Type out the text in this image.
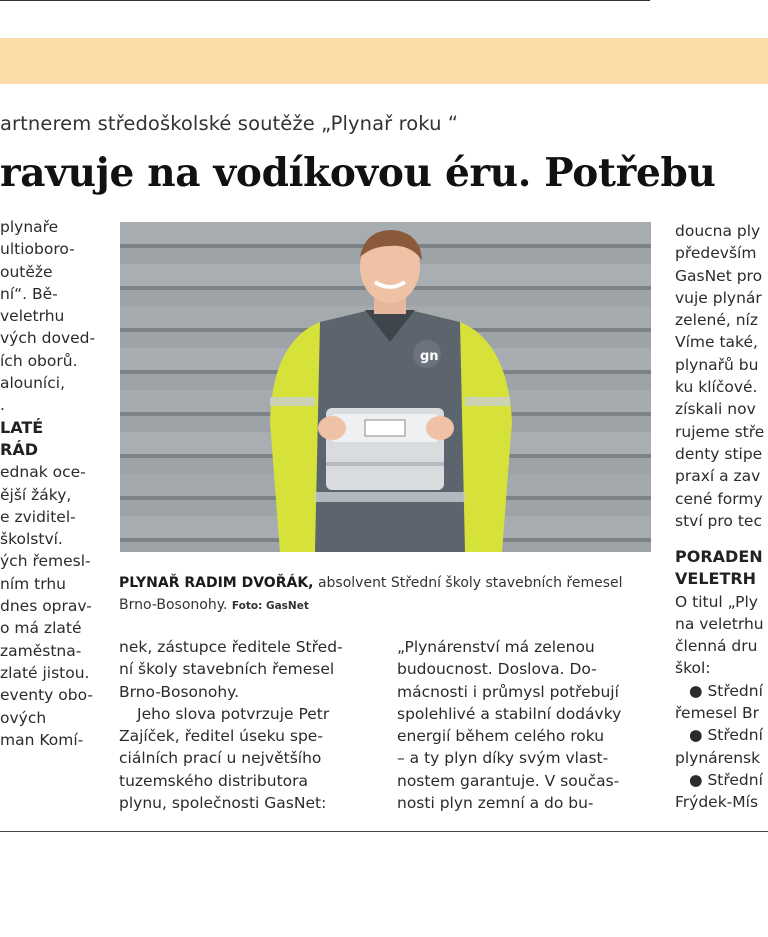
artnerem středoškolské soutěže „Plynař roku “
ravuje na vodíkovou éru. Potřebu
plynaře
ultioboro-
outěže
ní“. Bě-
veletrhu
vých doved-
ích oborů.
alouníci,
.
LATÉ
RÁD
ednak oce-
ější žáky,
e zviditel-
školství.
ých řemesl-
ním trhu
dnes oprav-
o má zlaté
zaměstna-
zlaté jistou.
eventy obo-
ových
man Komí-
gn
PLYNAŘ RADIM DVOŘÁK, absolvent Střední školy stavebních řemesel Brno-Bosonohy. Foto: GasNet
nek, zástupce ředitele Střed-
ní školy stavebních řemesel
Brno-Bosonohy.
Jeho slova potvrzuje Petr
Zajíček, ředitel úseku spe-
ciálních prací u největšího
tuzemského distributora
plynu, společnosti GasNet:
„Plynárenství má zelenou
budoucnost. Doslova. Do-
mácnosti i průmysl potřebují
spolehlivé a stabilní dodávky
energií během celého roku
– a ty plyn díky svým vlast-
nostem garantuje. V součas-
nosti plyn zemní a do bu-
doucna ply
především
GasNet pro
vuje plynár
zelené, níz
Víme také,
plynařů bu
ku klíčové.
získali nov
rujeme stře
denty stipe
praxí a zav
cené formy
ství pro tec
PORADEN
VELETRH
O titul „Ply
na veletrhu
členná dru
škol:
● Střední
řemesel Br
● Střední
plynárensk
● Střední
Frýdek-Mís
